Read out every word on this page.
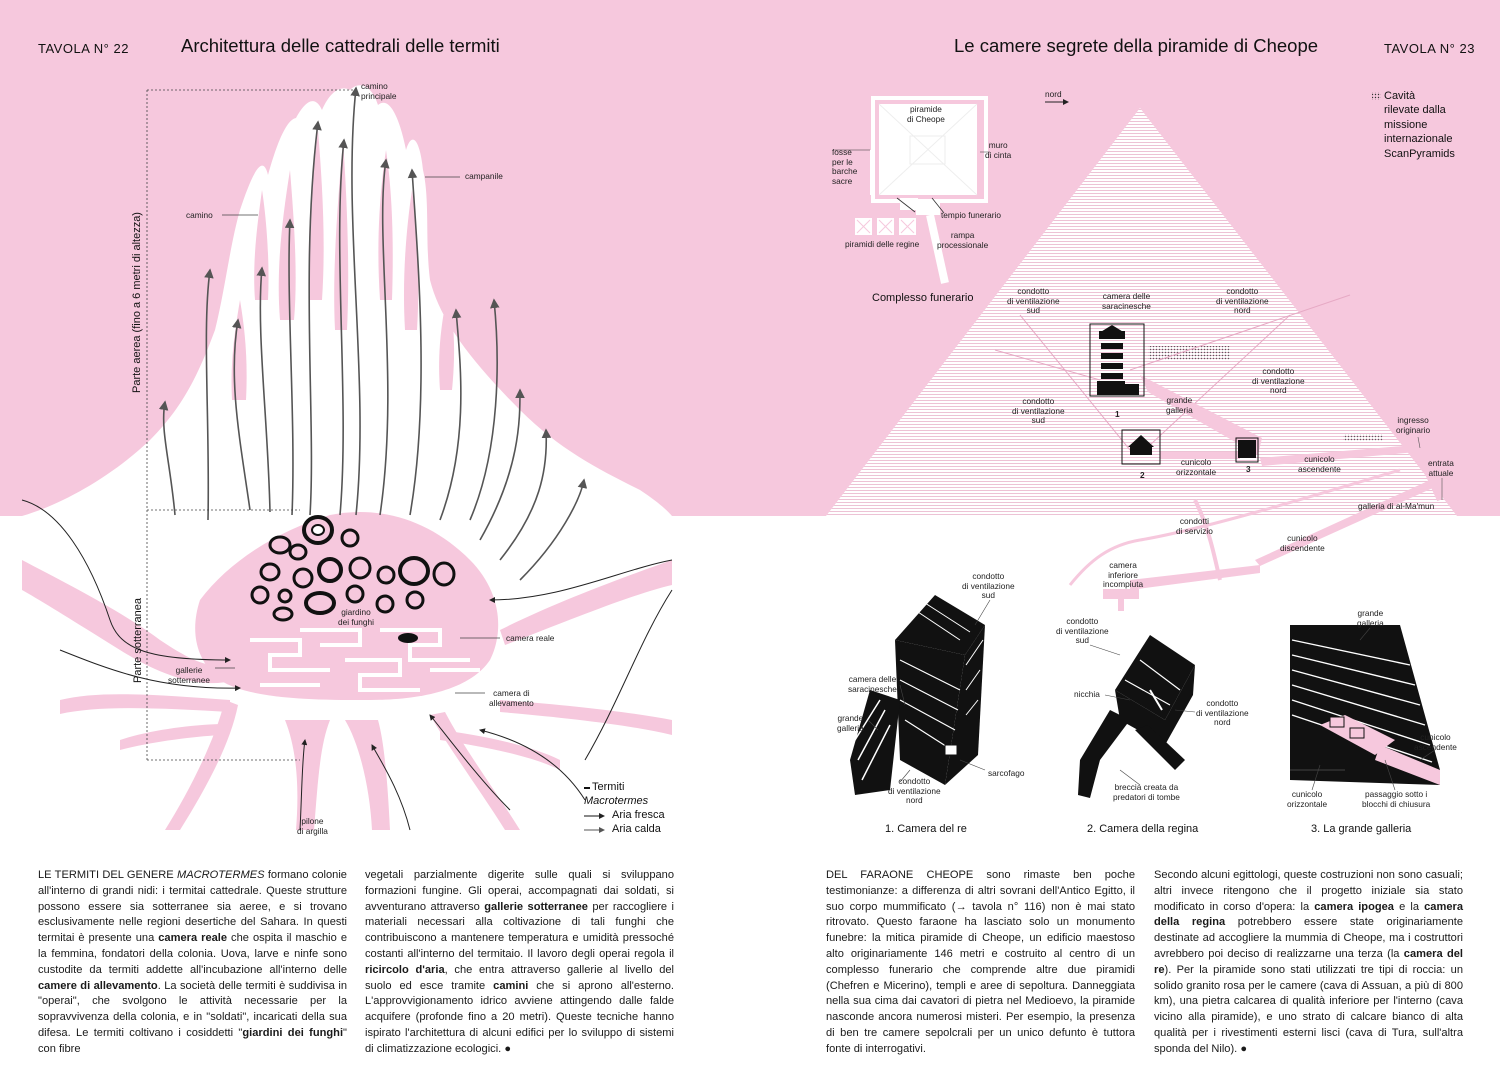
TAVOLA N° 22	Architettura delle cattedrali delle termiti	TAVOLA N° 23
Le camere segrete della piramide di Cheope
camino
principale
campanile
camino
giardino
dei funghi
camera reale
gallerie
sotterranee
camera di
allevamento
pilone
di argilla
Parte aerea (fino a 6 metri di altezza)
Parte sotterranea
Termiti
Macrotermes
Aria fresca
Aria calda
nord
piramide
di Cheope
muro
di cinta
fosse
per le
barche
sacre
tempio funerario
piramidi delle regine
rampa
processionale
Complesso funerario
Cavità
rilevate dalla
missione
internazionale
ScanPyramids
condotto
di ventilazione
sud
camera delle
saracinesche
condotto
di ventilazione
nord
condotto
di ventilazione
nord
condotto
di ventilazione
sud
grande
galleria
ingresso
originario
entrata
attuale
cunicolo
orizzontale
cunicolo
ascendente
galleria di al-Ma'mun
condotti
di servizio
cunicolo
discendente
camera
inferiore
incompiuta
1
2
3
condotto
di ventilazione
sud
camera delle
saracinesche
grande
galleria
sarcofago
condotto
di ventilazione
nord
condotto
di ventilazione
sud
nicchia
condotto
di ventilazione
nord
breccia creata da
predatori di tombe
grande
galleria
cunicolo
ascendente
cunicolo
orizzontale
passaggio sotto i
blocchi di chiusura
1. Camera del re	2. Camera della regina	3. La grande galleria
LE TERMITI DEL GENERE MACROTERMES formano colonie all'interno di grandi nidi: i termitai cattedrale. Queste strutture possono essere sia sotterranee sia aeree, e si trovano esclusivamente nelle regioni desertiche del Sahara. In questi termitai è presente una camera reale che ospita il maschio e la femmina, fondatori della colonia. Uova, larve e ninfe sono custodite da termiti addette all'incubazione all'interno delle camere di allevamento. La società delle termiti è suddivisa in "operai", che svolgono le attività necessarie per la sopravvivenza della colonia, e in "soldati", incaricati della sua difesa. Le termiti coltivano i cosiddetti "giardini dei funghi" con fibre
vegetali parzialmente digerite sulle quali si sviluppano formazioni fungine. Gli operai, accompagnati dai soldati, si avventurano attraverso gallerie sotterranee per raccogliere i materiali necessari alla coltivazione di tali funghi che contribuiscono a mantenere temperatura e umidità pressoché costanti all'interno del termitaio. Il lavoro degli operai regola il ricircolo d'aria, che entra attraverso gallerie al livello del suolo ed esce tramite camini che si aprono all'esterno. L'approvvigionamento idrico avviene attingendo dalle falde acquifere (profonde fino a 20 metri). Queste tecniche hanno ispirato l'architettura di alcuni edifici per lo sviluppo di sistemi di climatizzazione ecologici. ●
DEL FARAONE CHEOPE sono rimaste ben poche testimonianze: a differenza di altri sovrani dell'Antico Egitto, il suo corpo mummificato (→ tavola n° 116) non è mai stato ritrovato. Questo faraone ha lasciato solo un monumento funebre: la mitica piramide di Cheope, un edificio maestoso alto originariamente 146 metri e costruito al centro di un complesso funerario che comprende altre due piramidi (Chefren e Micerino), templi e aree di sepoltura. Danneggiata nella sua cima dai cavatori di pietra nel Medioevo, la piramide nasconde ancora numerosi misteri. Per esempio, la presenza di ben tre camere sepolcrali per un unico defunto è tuttora fonte di interrogativi.
Secondo alcuni egittologi, queste costruzioni non sono casuali; altri invece ritengono che il progetto iniziale sia stato modificato in corso d'opera: la camera ipogea e la camera della regina potrebbero essere state originariamente destinate ad accogliere la mummia di Cheope, ma i costruttori avrebbero poi deciso di realizzarne una terza (la camera del re). Per la piramide sono stati utilizzati tre tipi di roccia: un solido granito rosa per le camere (cava di Assuan, a più di 800 km), una pietra calcarea di qualità inferiore per l'interno (cava vicino alla piramide), e uno strato di calcare bianco di alta qualità per i rivestimenti esterni lisci (cava di Tura, sull'altra sponda del Nilo). ●
